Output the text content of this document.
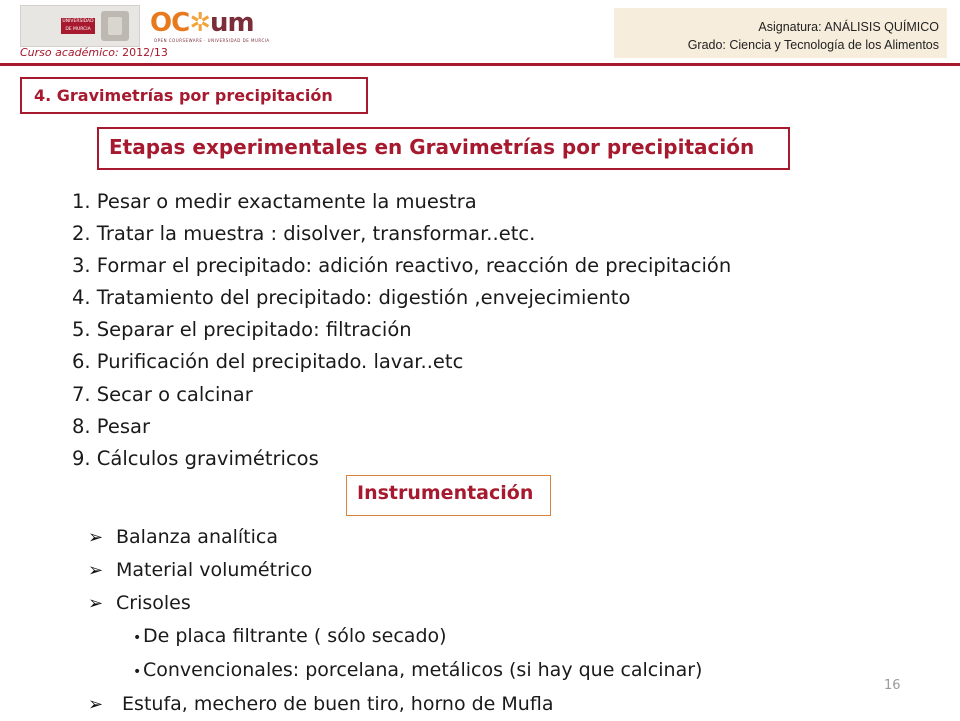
UNIVERSIDAD DE MURCIA OC✲um
OPEN COURSEWARE · UNIVERSIDAD DE MURCIA
Curso académico: 2012/13
Asignatura: ANÁLISIS QUÍMICO
Grado: Ciencia y Tecnología de los Alimentos
4. Gravimetrías por precipitación
Etapas experimentales en Gravimetrías por precipitación
1. Pesar o medir exactamente la muestra
2. Tratar la muestra : disolver, transformar..etc.
3. Formar el precipitado: adición reactivo, reacción de precipitación
4. Tratamiento del precipitado: digestión ,envejecimiento
5. Separar el precipitado: filtración
6. Purificación del precipitado. lavar..etc
7. Secar o calcinar
8. Pesar
9. Cálculos gravimétricos
Instrumentación
➢ Balanza analítica
➢ Material volumétrico
➢ Crisoles
•De placa filtrante ( sólo secado)
•Convencionales: porcelana, metálicos (si hay que calcinar)
➢ Estufa, mechero de buen tiro, horno de Mufla
16
